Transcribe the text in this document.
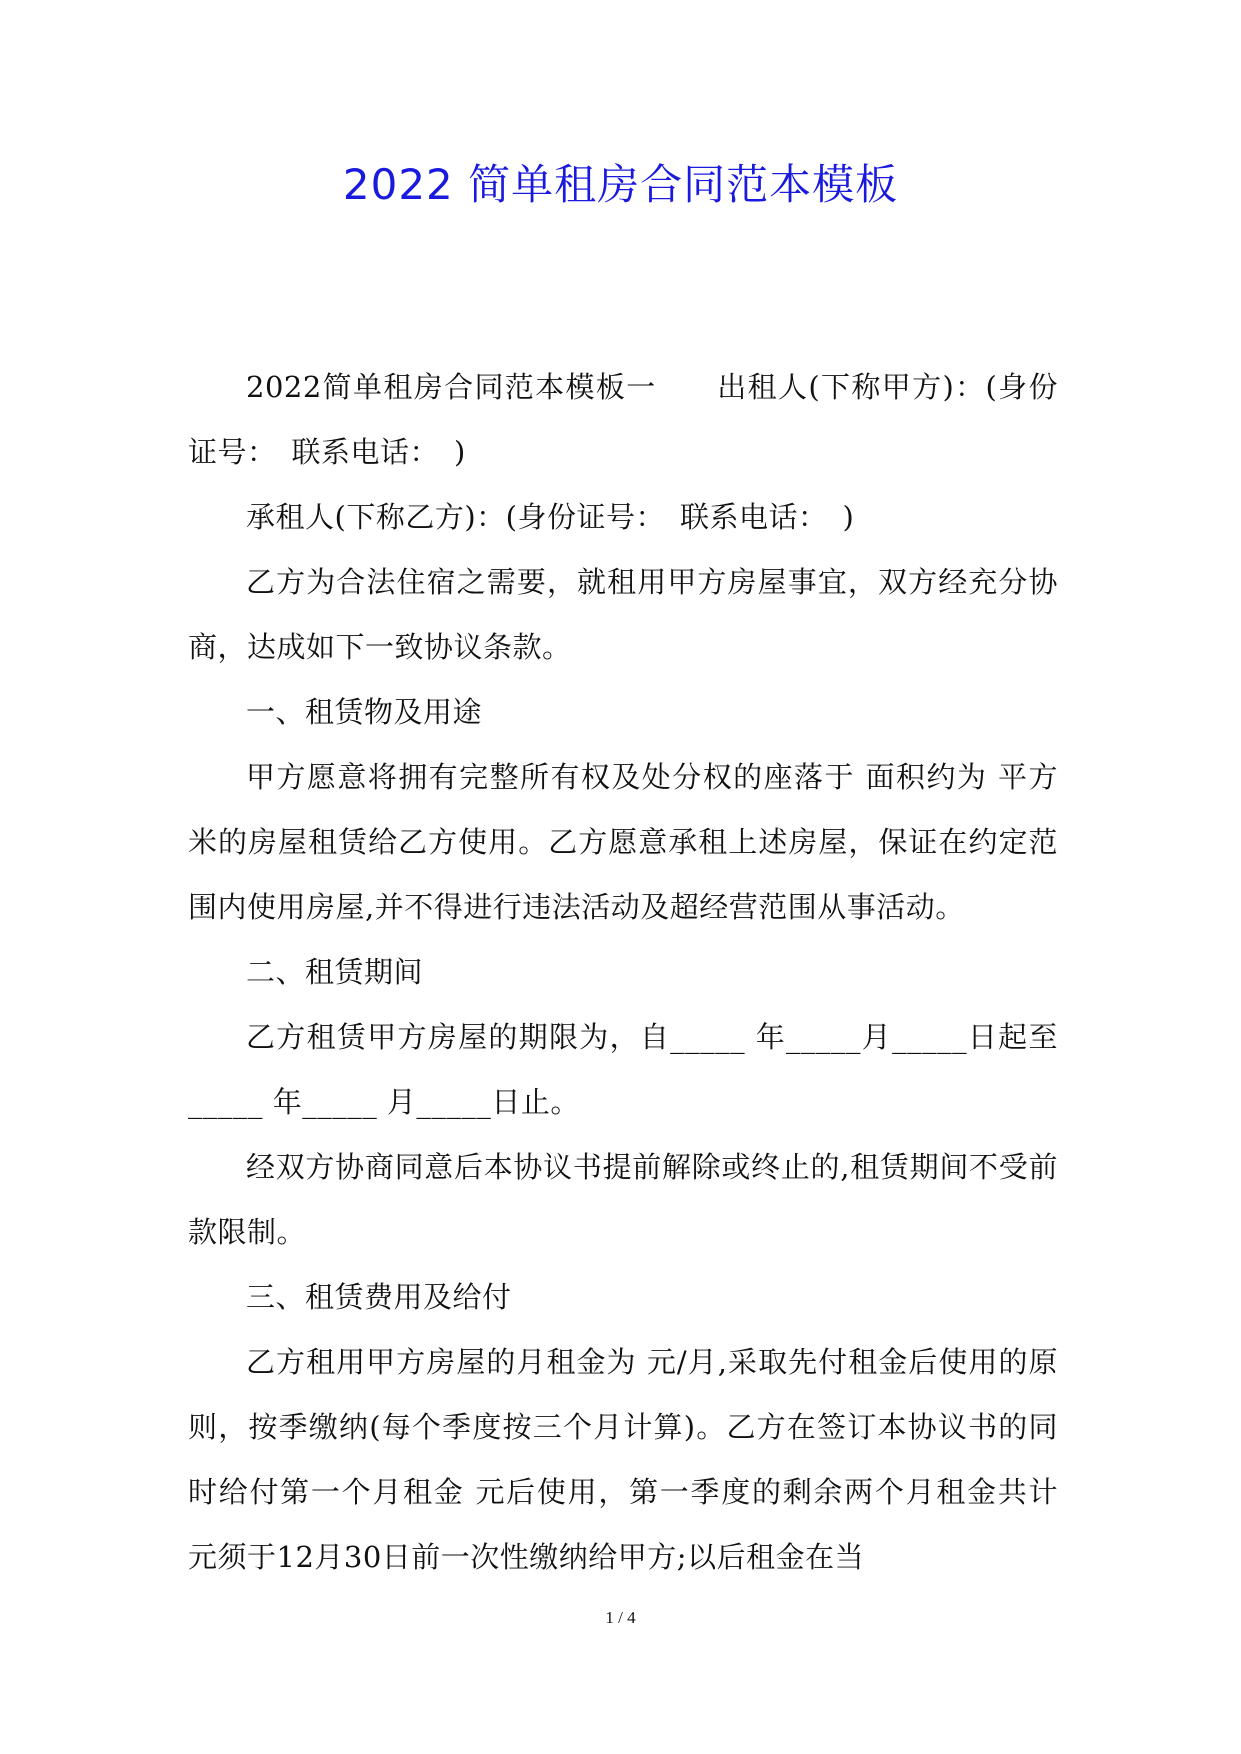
2022 简单租房合同范本模板

2022简单租房合同范本模板一　　出租人(下称甲方)：(身份证号：　联系电话：　)

承租人(下称乙方)：(身份证号：　联系电话：　)

乙方为合法住宿之需要，就租用甲方房屋事宜，双方经充分协商，达成如下一致协议条款。

一、租赁物及用途

甲方愿意将拥有完整所有权及处分权的座落于 面积约为 平方米的房屋租赁给乙方使用。乙方愿意承租上述房屋，保证在约定范围内使用房屋,并不得进行违法活动及超经营范围从事活动。

二、租赁期间

乙方租赁甲方房屋的期限为，自_____ 年_____月_____日起至_____ 年_____ 月_____日止。

经双方协商同意后本协议书提前解除或终止的,租赁期间不受前款限制。

三、租赁费用及给付

乙方租用甲方房屋的月租金为 元/月,采取先付租金后使用的原则，按季缴纳(每个季度按三个月计算)。乙方在签订本协议书的同时给付第一个月租金 元后使用，第一季度的剩余两个月租金共计 元须于12月30日前一次性缴纳给甲方;以后租金在当

1 / 4
